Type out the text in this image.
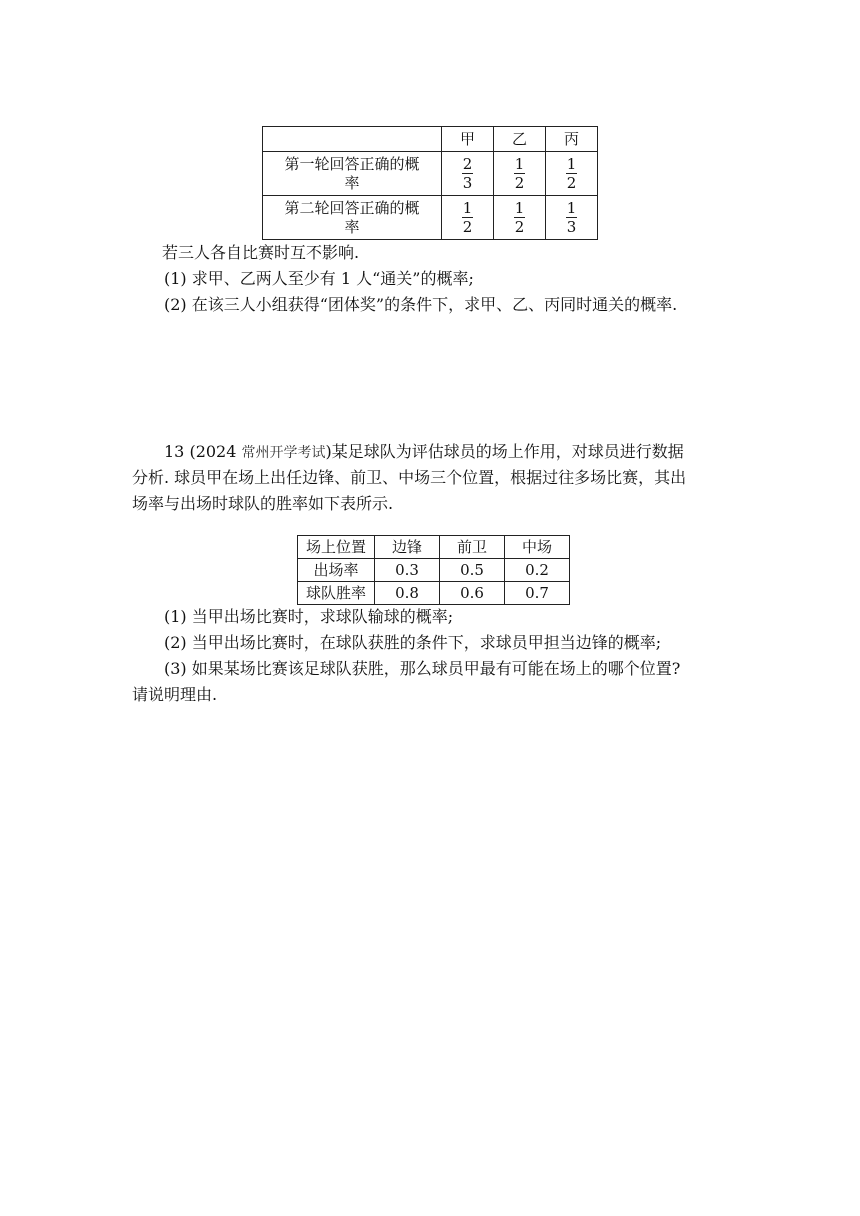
	甲	乙	丙
第一轮回答正确的概
率	$\frac{2}{3}$	$\frac{1}{2}$	$\frac{1}{2}$

第二轮回答正确的概
率	$\frac{1}{2}$	$\frac{1}{2}$	$\frac{1}{3}$
若三人各自比赛时互不影响.
(1) 求甲、乙两人至少有 1 人“通关”的概率;
(2) 在该三人小组获得“团体奖”的条件下，求甲、乙、丙同时通关的概率.
13 (2024 常州开学考试)某足球队为评估球员的场上作用，对球员进行数据
分析. 球员甲在场上出任边锋、前卫、中场三个位置，根据过往多场比赛，其出
场率与出场时球队的胜率如下表所示.
场上位置	边锋	前卫	中场
出场率	0.3	0.5	0.2
球队胜率	0.8	0.6	0.7
(1) 当甲出场比赛时，求球队输球的概率;
(2) 当甲出场比赛时，在球队获胜的条件下，求球员甲担当边锋的概率;
(3) 如果某场比赛该足球队获胜，那么球员甲最有可能在场上的哪个位置?
请说明理由.
